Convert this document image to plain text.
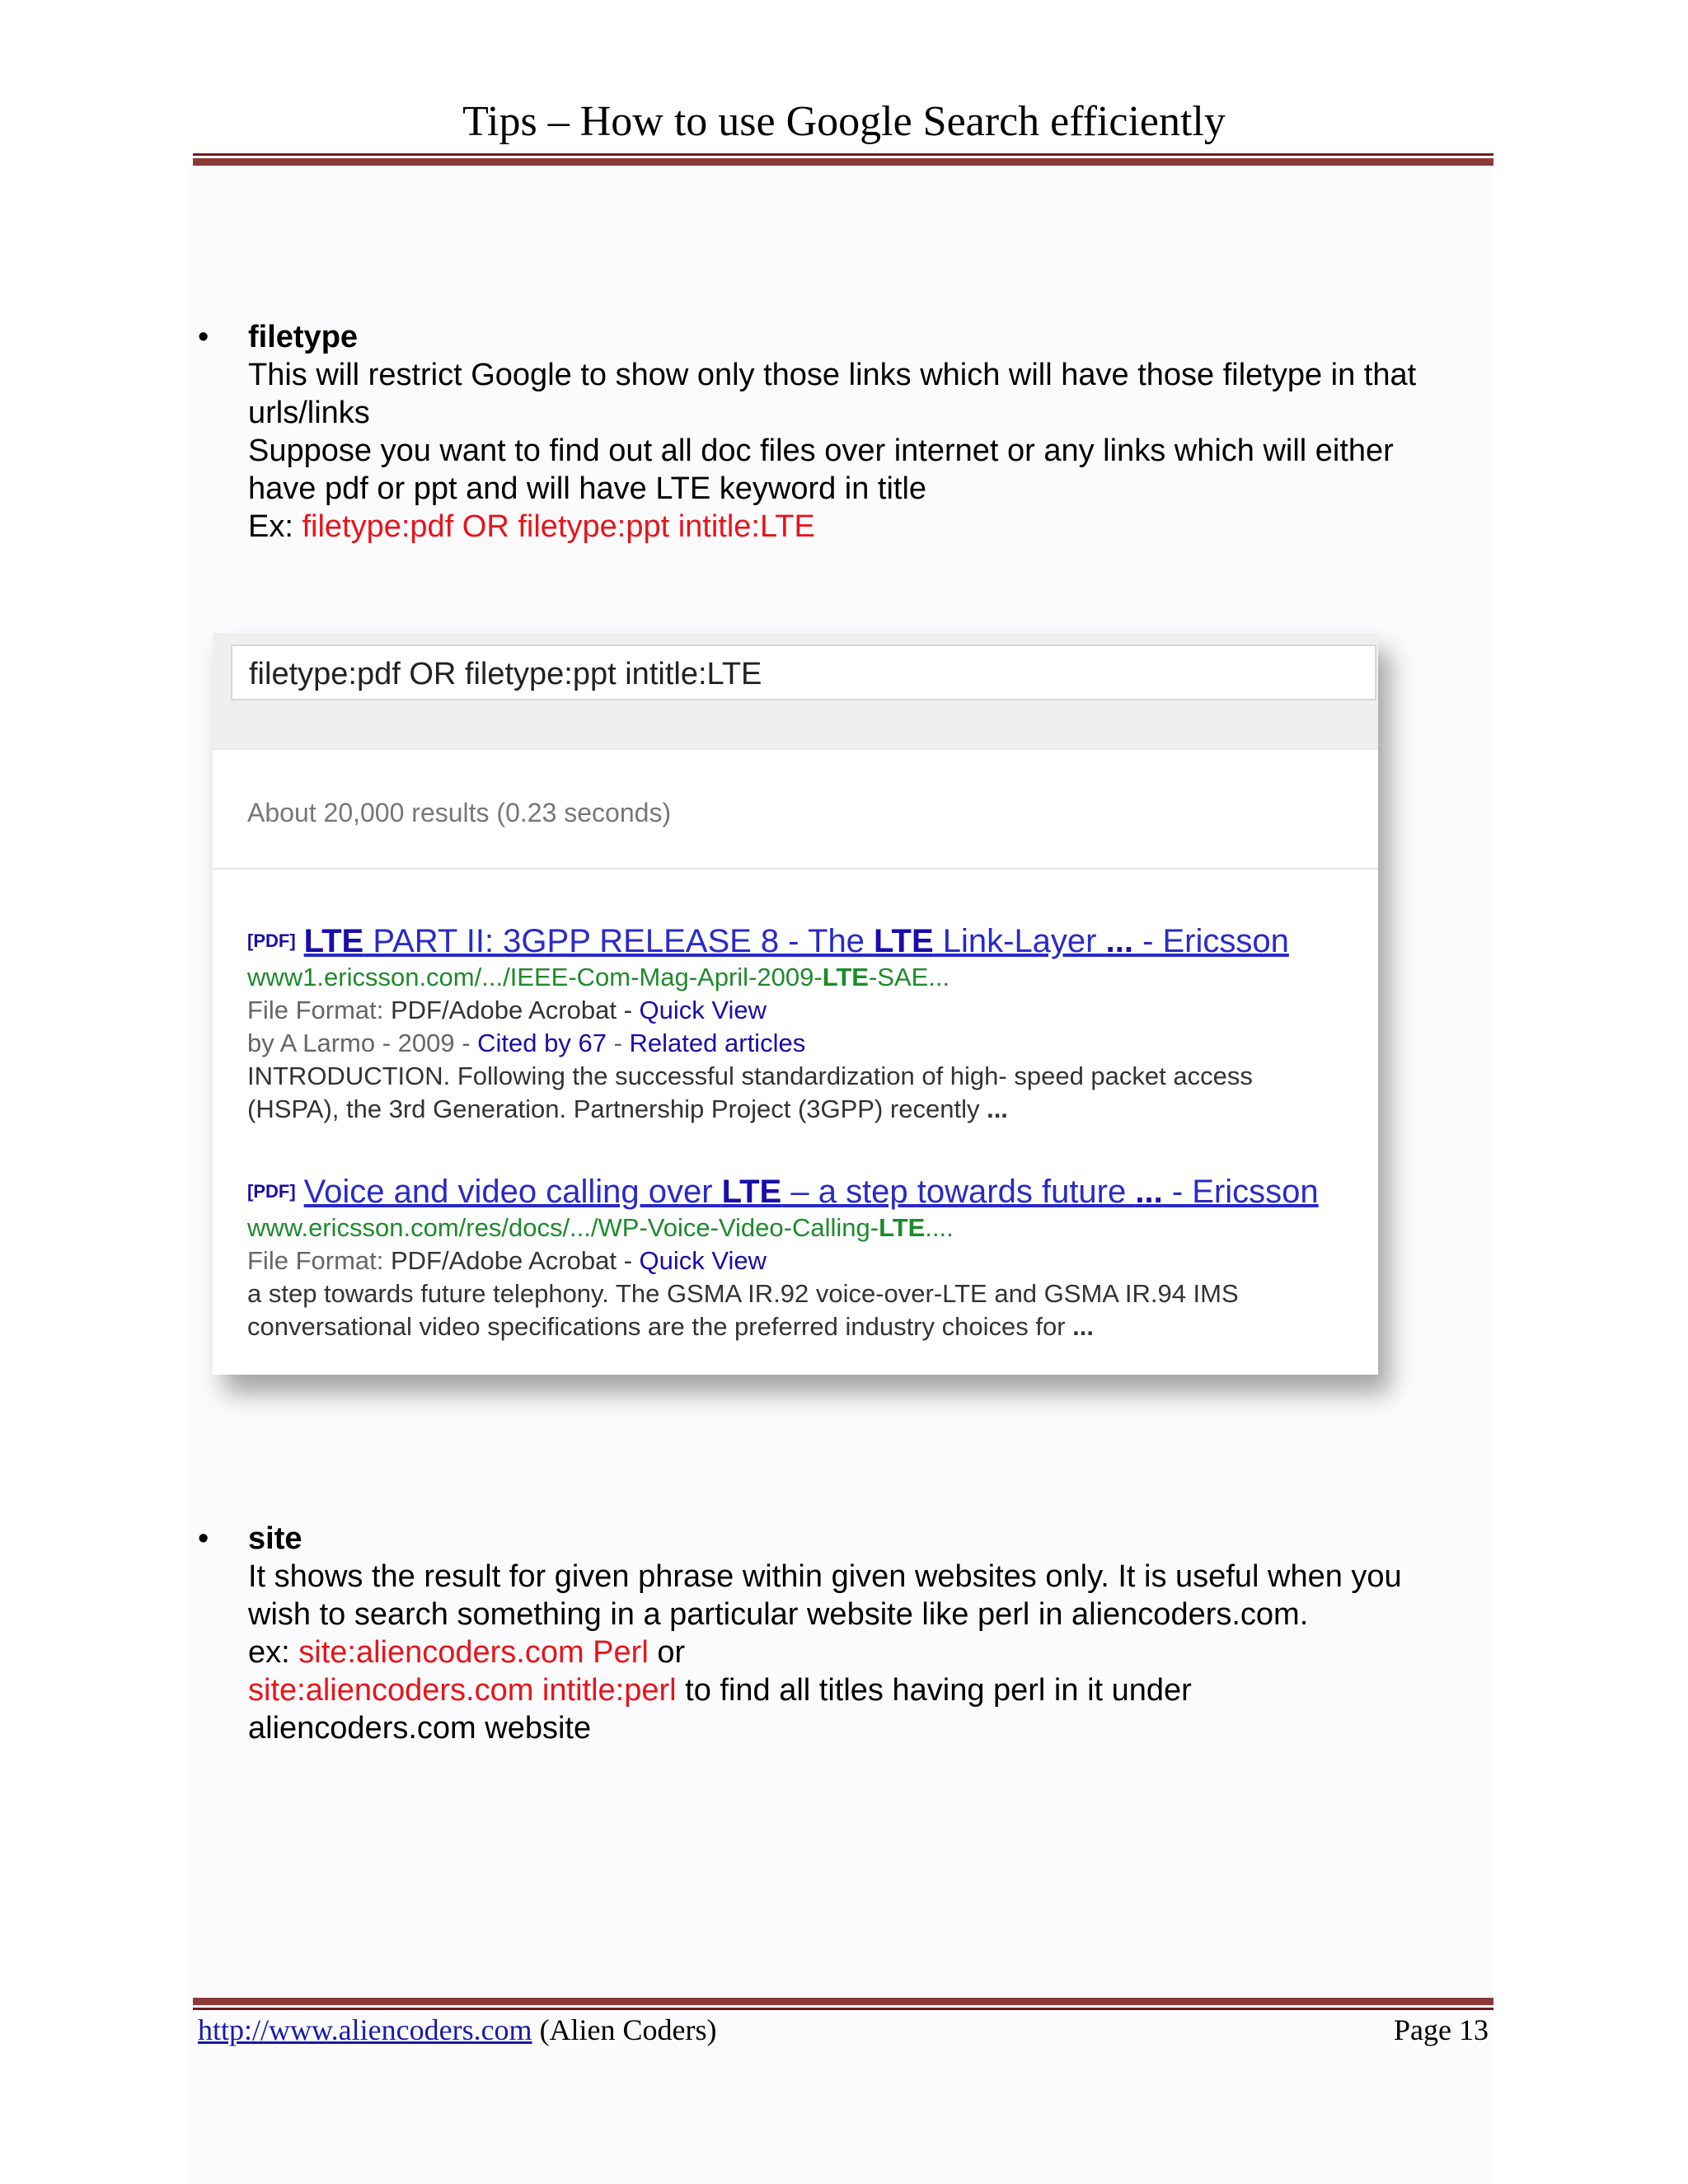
Tips – How to use Google Search efficiently
• filetype
This will restrict Google to show only those links which will have those filetype in that
urls/links
Suppose you want to find out all doc files over internet or any links which will either
have pdf or ppt and will have LTE keyword in title
Ex: filetype:pdf OR filetype:ppt intitle:LTE
filetype:pdf OR filetype:ppt intitle:LTE
About 20,000 results (0.23 seconds)
[PDF] LTE PART II: 3GPP RELEASE 8 - The LTE Link-Layer ... - Ericsson
www1.ericsson.com/.../IEEE-Com-Mag-April-2009-LTE-SAE...
File Format: PDF/Adobe Acrobat - Quick View
by A Larmo - 2009 - Cited by 67 - Related articles
INTRODUCTION. Following the successful standardization of high- speed packet access
(HSPA), the 3rd Generation. Partnership Project (3GPP) recently ...
[PDF] Voice and video calling over LTE – a step towards future ... - Ericsson
www.ericsson.com/res/docs/.../WP-Voice-Video-Calling-LTE....
File Format: PDF/Adobe Acrobat - Quick View
a step towards future telephony. The GSMA IR.92 voice-over-LTE and GSMA IR.94 IMS
conversational video specifications are the preferred industry choices for ...
• site
It shows the result for given phrase within given websites only. It is useful when you
wish to search something in a particular website like perl in aliencoders.com.
ex: site:aliencoders.com Perl or
site:aliencoders.com intitle:perl to find all titles having perl in it under
aliencoders.com website
http://www.aliencoders.com (Alien Coders)	Page 13
